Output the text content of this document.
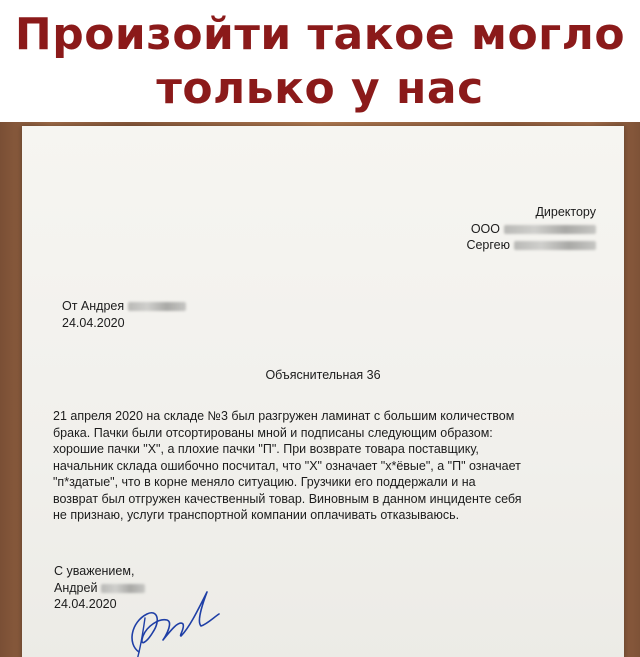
Произойти такое могло
только у нас
Директору
ООО
Сергею
От Андрея
24.04.2020
Объяснительная 36
21 апреля 2020 на складе №3 был разгружен ламинат с большим количеством
брака. Пачки были отсортированы мной и подписаны следующим образом:
хорошие пачки "Х", а плохие пачки "П". При возврате товара поставщику,
начальник склада ошибочно посчитал, что "Х" означает "х*ёвые", а "П" означает
"п*здатые", что в корне меняло ситуацию. Грузчики его поддержали и на
возврат был отгружен качественный товар. Виновным в данном инциденте себя
не признаю, услуги транспортной компании оплачивать отказываюсь.
С уважением,
Андрей
24.04.2020
